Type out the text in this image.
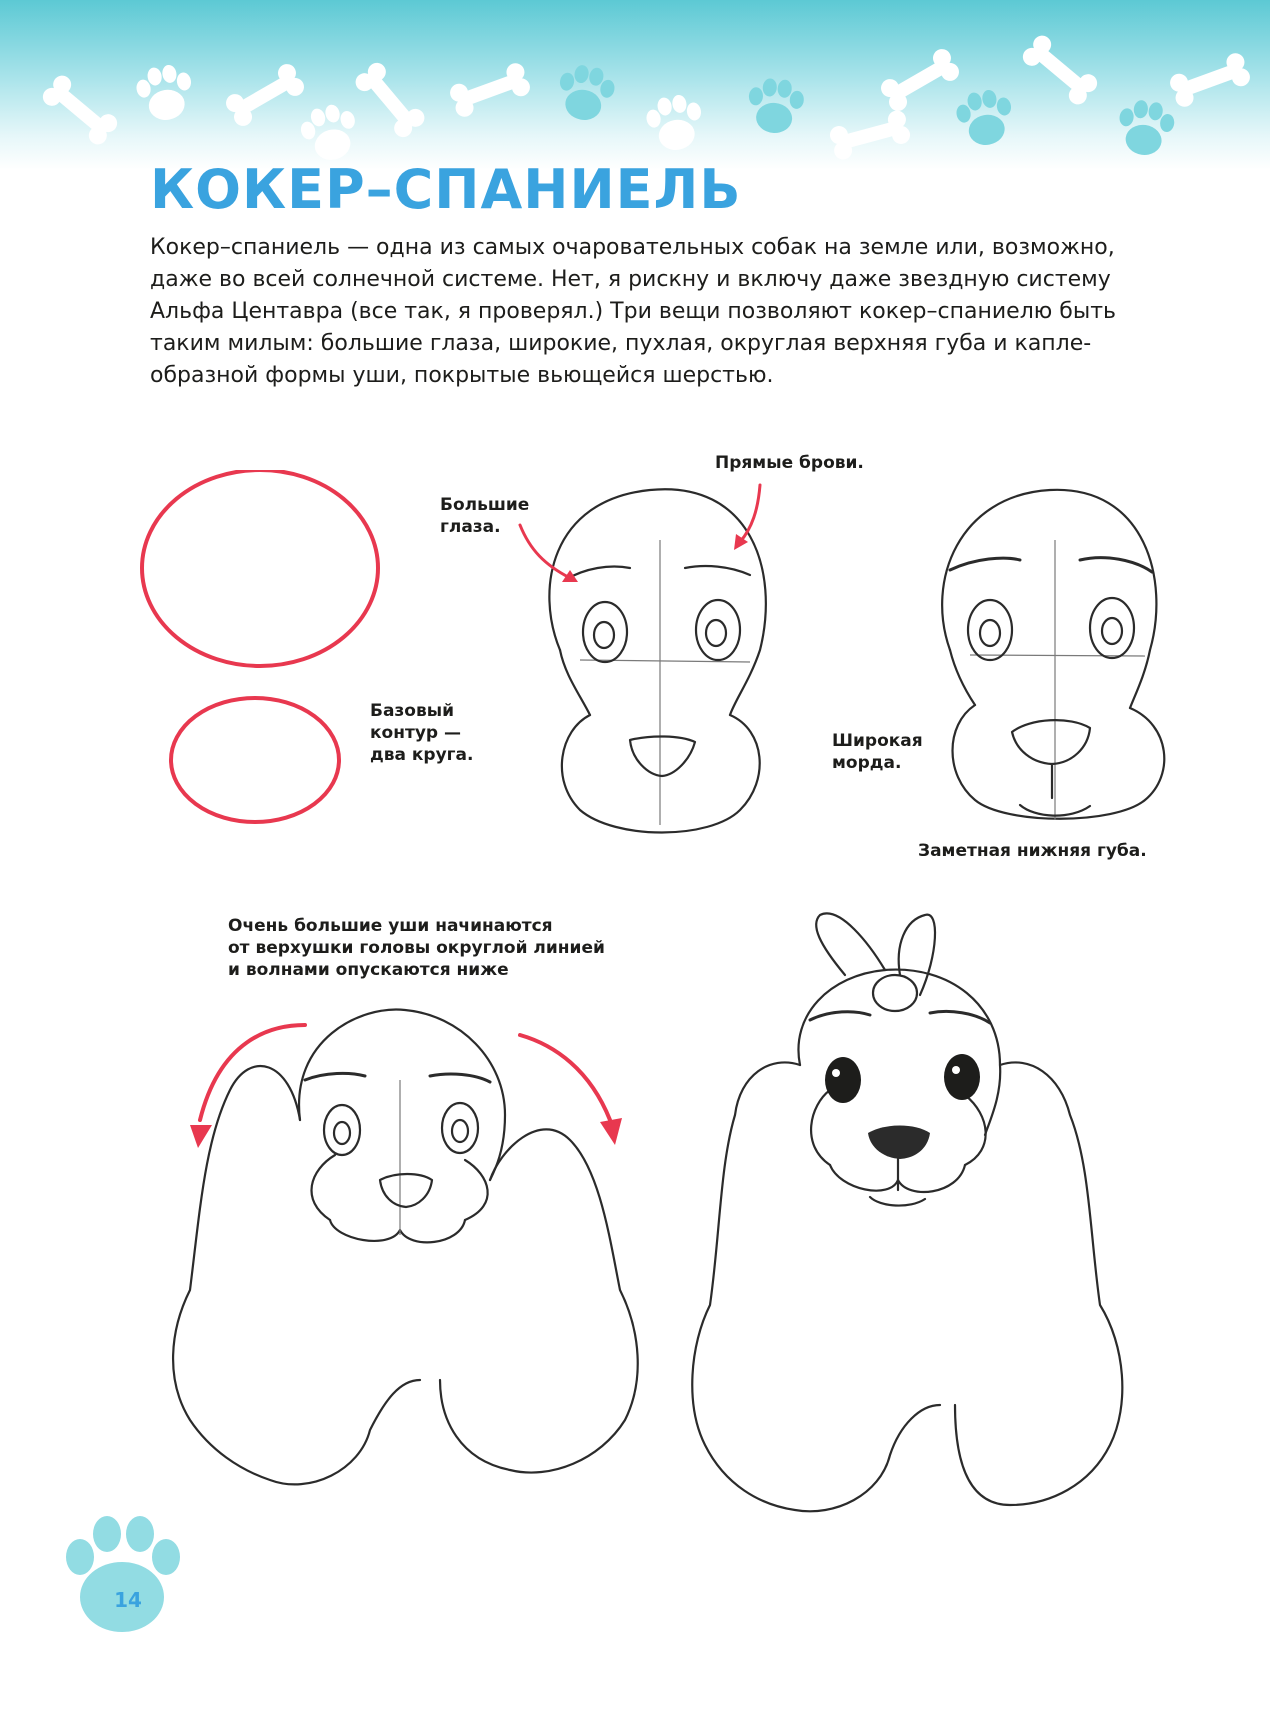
КОКЕР–СПАНИЕЛЬ

Кокер–спаниель — одна из самых очаровательных собак на земле или, возможно,

даже во всей солнечной системе. Нет, я рискну и включу даже звездную систему

Альфа Центавра (все так, я проверял.) Три вещи позволяют кокер–спаниелю быть

таким милым: большие глаза, широкие, пухлая, округлая верхняя губа и капле-

образной формы уши, покрытые вьющейся шерстью.

Базовый
контур —
два круга.
Большие
глаза.
Прямые брови.
Широкая
морда.
Заметная нижняя губа.
Очень большие уши начинаются
от верхушки головы округлой линией
и волнами опускаются ниже
14
